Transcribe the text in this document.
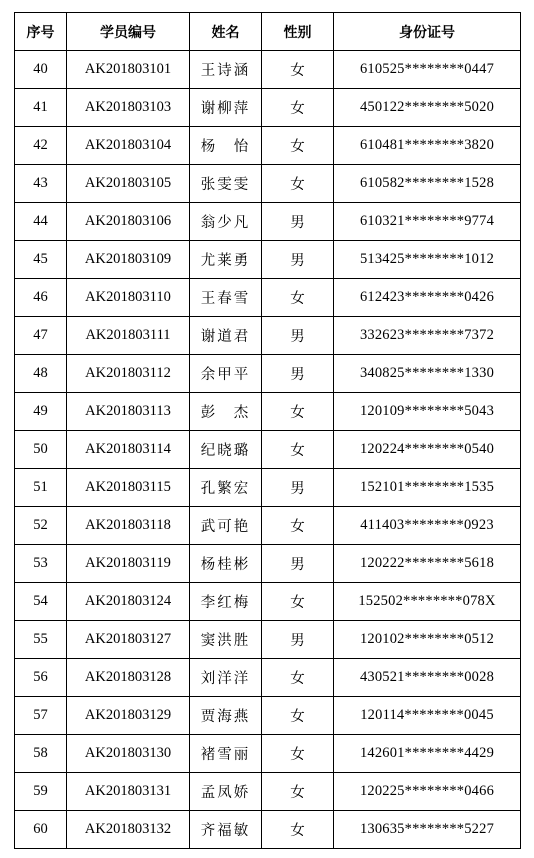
序号	学员编号	姓名	性别	身份证号
40	AK201803101	王诗涵	女	610525********0447
41	AK201803103	谢柳萍	女	450122********5020
42	AK201803104	杨　怡	女	610481********3820
43	AK201803105	张雯雯	女	610582********1528
44	AK201803106	翁少凡	男	610321********9774
45	AK201803109	尤莱勇	男	513425********1012
46	AK201803110	王春雪	女	612423********0426
47	AK201803111	谢道君	男	332623********7372
48	AK201803112	余甲平	男	340825********1330
49	AK201803113	彭　杰	女	120109********5043
50	AK201803114	纪晓璐	女	120224********0540
51	AK201803115	孔繁宏	男	152101********1535
52	AK201803118	武可艳	女	411403********0923
53	AK201803119	杨桂彬	男	120222********5618
54	AK201803124	李红梅	女	152502********078X
55	AK201803127	窦洪胜	男	120102********0512
56	AK201803128	刘洋洋	女	430521********0028
57	AK201803129	贾海燕	女	120114********0045
58	AK201803130	褚雪丽	女	142601********4429
59	AK201803131	孟凤娇	女	120225********0466
60	AK201803132	齐福敏	女	130635********5227
